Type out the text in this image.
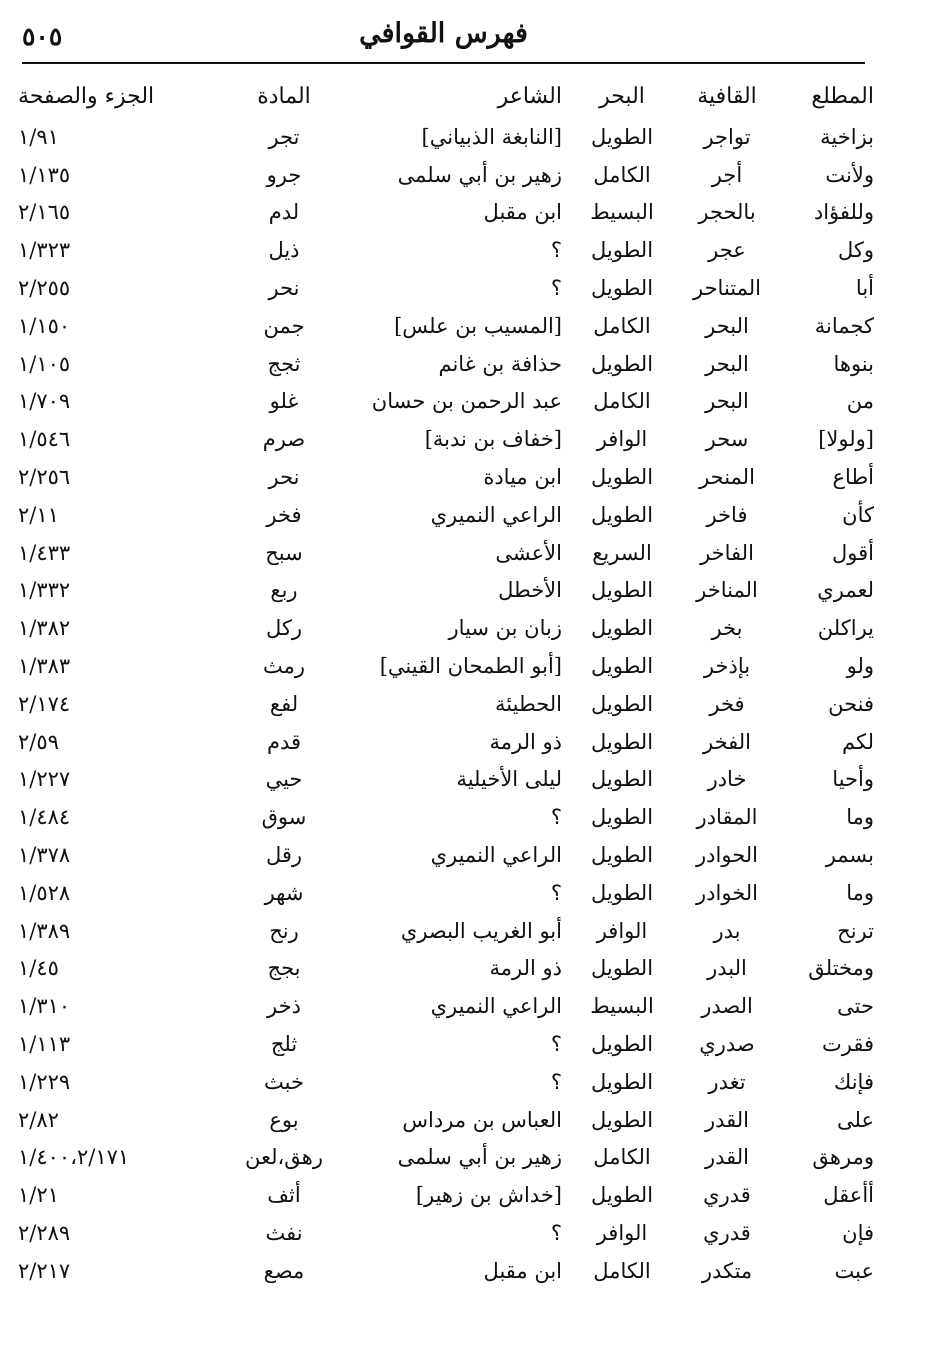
فهرس القوافي
٥٠٥
المطلع	القافية	البحر	الشاعر	المادة	الجزء والصفحة
بزاخية	تواجر	الطويل	[النابغة الذبياني]	تجر	١/٩١
ولأنت	أجر	الكامل	زهير بن أبي سلمى	جرو	١/١٣٥
وللفؤاد	بالحجر	البسيط	ابن مقبل	لدم	٢/١٦٥
وكل	عجر	الطويل	؟	ذيل	١/٣٢٣
أبا	المتناحر	الطويل	؟	نحر	٢/٢٥٥
كجمانة	البحر	الكامل	[المسيب بن علس]	جمن	١/١٥٠
بنوها	البحر	الطويل	حذافة بن غانم	ثجج	١/١٠٥
من	البحر	الكامل	عبد الرحمن بن حسان	غلو	١/٧٠٩
[ولولا]	سحر	الوافر	[خفاف بن ندبة]	صرم	١/٥٤٦
أطاع	المنحر	الطويل	ابن ميادة	نحر	٢/٢٥٦
كأن	فاخر	الطويل	الراعي النميري	فخر	٢/١١
أقول	الفاخر	السريع	الأعشى	سبح	١/٤٣٣
لعمري	المناخر	الطويل	الأخطل	ربع	١/٣٣٢
يراكلن	بخر	الطويل	زبان بن سيار	ركل	١/٣٨٢
ولو	بإذخر	الطويل	[أبو الطمحان القيني]	رمث	١/٣٨٣
فنحن	فخر	الطويل	الحطيئة	لفع	٢/١٧٤
لكم	الفخر	الطويل	ذو الرمة	قدم	٢/٥٩
وأحيا	خادر	الطويل	ليلى الأخيلية	حيي	١/٢٢٧
وما	المقادر	الطويل	؟	سوق	١/٤٨٤
بسمر	الحوادر	الطويل	الراعي النميري	رقل	١/٣٧٨
وما	الخوادر	الطويل	؟	شهر	١/٥٢٨
ترنح	بدر	الوافر	أبو الغريب البصري	رنح	١/٣٨٩
ومختلق	البدر	الطويل	ذو الرمة	بجج	١/٤٥
حتى	الصدر	البسيط	الراعي النميري	ذخر	١/٣١٠
فقرت	صدري	الطويل	؟	ثلج	١/١١٣
فإنك	تغدر	الطويل	؟	خبث	١/٢٢٩
على	القدر	الطويل	العباس بن مرداس	بوع	٢/٨٢
ومرهق	القدر	الكامل	زهير بن أبي سلمى	رهق،لعن	١/٤٠٠،٢/١٧١
أأعقل	قدري	الطويل	[خداش بن زهير]	أثف	١/٢١
فإن	قدري	الوافر	؟	نفث	٢/٢٨٩
عبت	متكدر	الكامل	ابن مقبل	مصع	٢/٢١٧
